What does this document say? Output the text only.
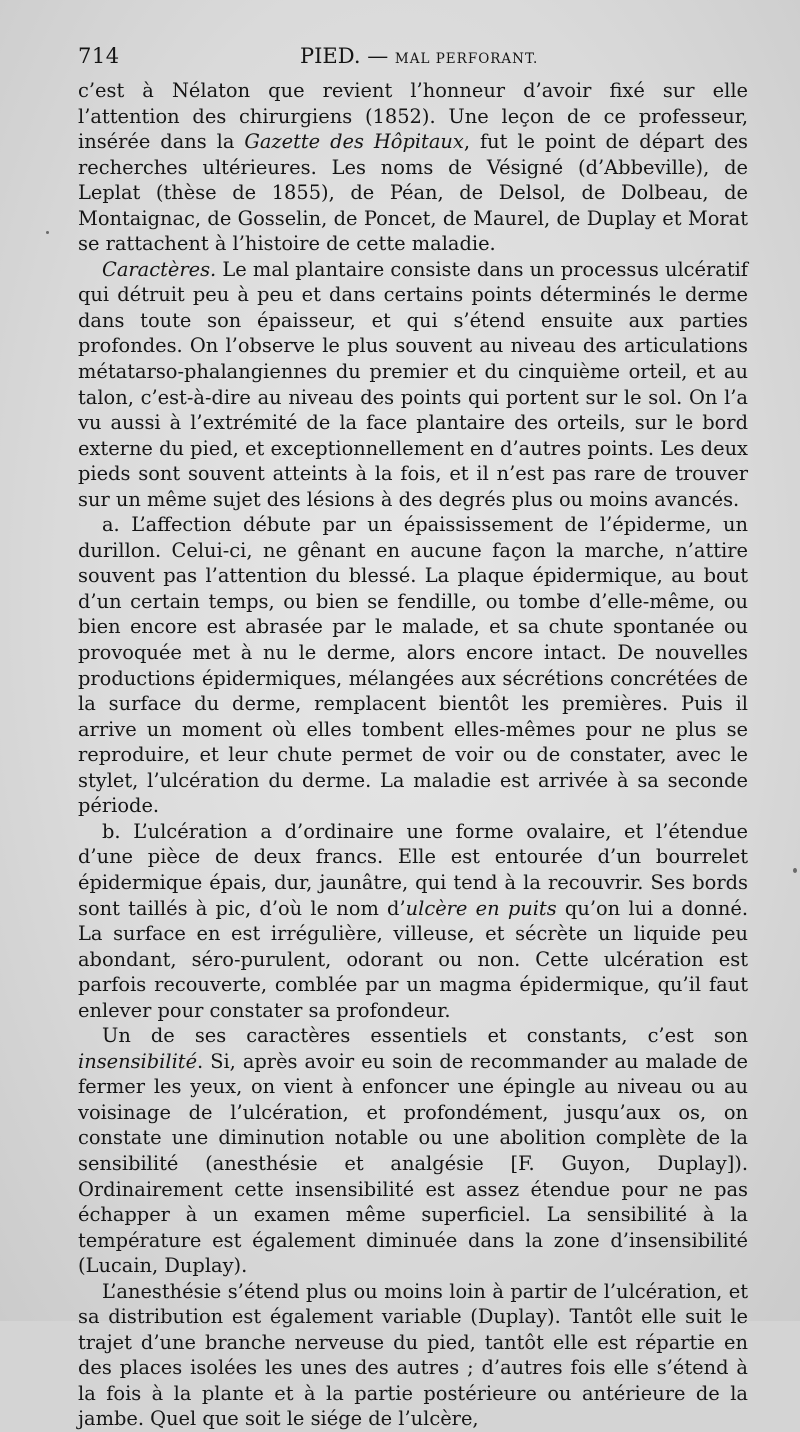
714	PIED. — MAL PERFORANT.

c’est à Nélaton que revient l’honneur d’avoir fixé sur elle l’attention des chirurgiens (1852). Une leçon de ce professeur, insérée dans la Gazette des Hôpitaux, fut le point de départ des recherches ultérieures. Les noms de Vésigné (d’Abbeville), de Leplat (thèse de 1855), de Péan, de Delsol, de Dolbeau, de Montaignac, de Gosselin, de Poncet, de Maurel, de Duplay et Morat se rattachent à l’histoire de cette maladie.

Caractères. Le mal plantaire consiste dans un processus ulcératif qui détruit peu à peu et dans certains points déterminés le derme dans toute son épaisseur, et qui s’étend ensuite aux parties profondes. On l’observe le plus souvent au niveau des articulations métatarso-phalangiennes du premier et du cinquième orteil, et au talon, c’est-à-dire au niveau des points qui portent sur le sol. On l’a vu aussi à l’extrémité de la face plantaire des orteils, sur le bord externe du pied, et exceptionnellement en d’autres points. Les deux pieds sont souvent atteints à la fois, et il n’est pas rare de trouver sur un même sujet des lésions à des degrés plus ou moins avancés.

a. L’affection débute par un épaississement de l’épiderme, un durillon. Celui-ci, ne gênant en aucune façon la marche, n’attire souvent pas l’attention du blessé. La plaque épidermique, au bout d’un certain temps, ou bien se fendille, ou tombe d’elle-même, ou bien encore est abrasée par le malade, et sa chute spontanée ou provoquée met à nu le derme, alors encore intact. De nouvelles productions épidermiques, mélangées aux sécrétions concrétées de la surface du derme, remplacent bientôt les premières. Puis il arrive un moment où elles tombent elles-mêmes pour ne plus se reproduire, et leur chute permet de voir ou de constater, avec le stylet, l’ulcération du derme. La maladie est arrivée à sa seconde période.

b. L’ulcération a d’ordinaire une forme ovalaire, et l’étendue d’une pièce de deux francs. Elle est entourée d’un bourrelet épidermique épais, dur, jaunâtre, qui tend à la recouvrir. Ses bords sont taillés à pic, d’où le nom d’ulcère en puits qu’on lui a donné. La surface en est irrégulière, villeuse, et sécrète un liquide peu abondant, séro-purulent, odorant ou non. Cette ulcération est parfois recouverte, comblée par un magma épidermique, qu’il faut enlever pour constater sa profondeur.

Un de ses caractères essentiels et constants, c’est son insensibilité. Si, après avoir eu soin de recommander au malade de fermer les yeux, on vient à enfoncer une épingle au niveau ou au voisinage de l’ulcération, et profondément, jusqu’aux os, on constate une diminution notable ou une abolition complète de la sensibilité (anesthésie et analgésie [F. Guyon, Duplay]). Ordinairement cette insensibilité est assez étendue pour ne pas échapper à un examen même superficiel. La sensibilité à la température est également diminuée dans la zone d’insensibilité (Lucain, Duplay).

L’anesthésie s’étend plus ou moins loin à partir de l’ulcération, et sa distribution est également variable (Duplay). Tantôt elle suit le trajet d’une branche nerveuse du pied, tantôt elle est répartie en des places isolées les unes des autres ; d’autres fois elle s’étend à la fois à la plante et à la partie postérieure ou antérieure de la jambe. Quel que soit le siége de l’ulcère,
